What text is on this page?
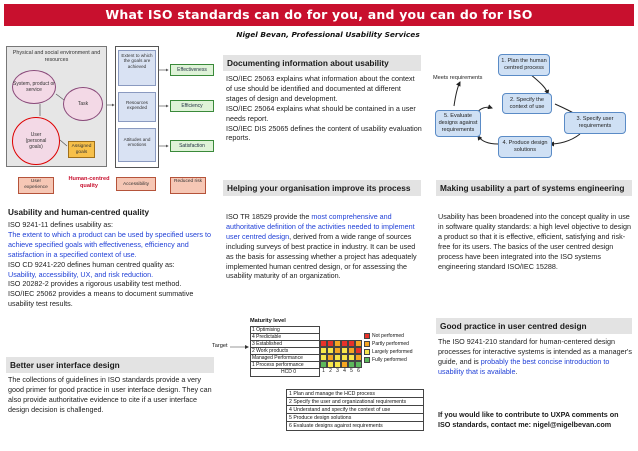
What ISO standards can do for you, and you can do for ISO
Nigel Bevan, Professional Usability Services
Physical and social environment and resources
System, product or service
Task
User (personal goals)	Assigned goals
Extent to which the goals are achieved
Resources expended
Attitudes and emotions
Effectiveness
Efficiency
Satisfaction
User experience
Human-centred quality	Accessibility
Reduced risk
Usability and human-centred quality
ISO 9241-11 defines usability as:
The extent to which a product can be used by specified users to achieve specified goals with effectiveness, efficiency and satisfaction in a specified context of use.
ISO CD 9241-220 defines human centred quality as:
Usability, accessibility, UX, and risk reduction.
ISO 20282-2 provides a rigorous usability test method.
ISO/IEC 25062 provides a means to document summative usability test results.
Better user interface design
The collections of guidelines in ISO standards provide a very good primer for good practice in user interface design. They can also provide authoritative evidence to cite if a user interface design decision is challenged.
Documenting information about usability
ISO/IEC 25063 explains what information about the context of use should be identified and documented at different stages of design and development.
ISO/IEC 25064 explains what should be contained in a user needs report.
ISO/IEC DIS 25065 defines the content of usability evaluation reports.
Helping your organisation improve its process
ISO TR 18529 provide the most comprehensive and authoritative definition of the activities needed to implement user centred design, derived from a wide range of sources including surveys of best practice in industry. It can be used as the basis for assessing whether a project has adequately implemented human centred design, or for assessing the usability maturity of an organization.
Maturity level
Target
1 Optimising
4 Predictable
3 Established
2 Work products
Managed Performance
1 Process performance
HCD 0	1 2 3 4 5 6
Not performed
Partly performed
Largely performed
Fully performed
1 Plan and manage the HCD process
2 Specify the user and organizational requirements
4 Understand and specify the context of use
5 Produce design solutions
6 Evaluate designs against requirements
Meets requirements
1. Plan the human centred process
2. Specify the context of use
3. Specify user requirements
4. Produce design solutions
5. Evaluate designs against requirements
Making usability a part of systems engineering
Usability has been broadened into the concept quality in use in software quality standards: a high level objective to design a product so that it is effective, efficient, satisfying and risk-free for its users. The basics of the user centred design process have been integrated into the ISO systems engineering standard ISO/IEC 15288.
Good practice in user centred design
The ISO 9241-210 standard for human-centered design processes for interactive systems is intended as a manager's guide, and is probably the best concise introduction to usability that is available.
If you would like to contribute to UXPA comments on ISO standards, contact me: nigel@nigelbevan.com
